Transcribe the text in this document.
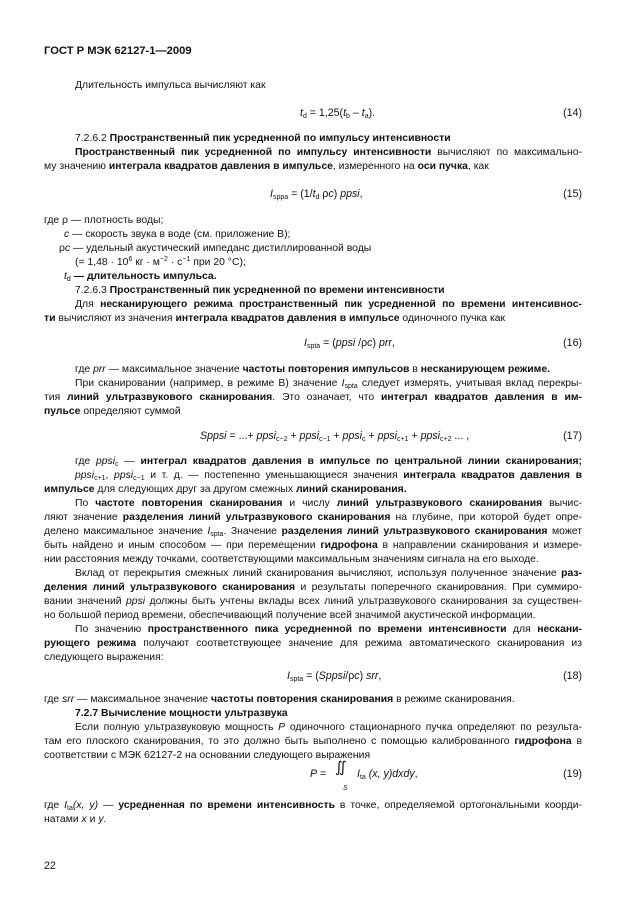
ГОСТ Р МЭК 62127-1—2009
Длительность импульса вычисляют как
$t_d = 1,25(t_b - t_a)$.	(14)
7.2.6.2 Пространственный пик усредненной по импульсу интенсивности
Пространственный пик усредненной по импульсу интенсивности вычисляют по максимально-
му значению интеграла квадратов давления в импульсе, измеренного на оси пучка, как
$I_{sppa} = (1/t_d$ ρc) ppsi,	(15)
где ρ — плотность воды;
c — скорость звука в воде (см. приложение В);
ρc — удельный акустический импеданс дистиллированной воды
(= $1,48 \cdot 10^6$ кг · $м^{-2} \cdot с^{-1}$ при 20 °С);
$t_d$ — длительность импульса.
7.2.6.3 Пространственный пик усредненной по времени интенсивности
Для несканирующего режима пространственный пик усредненной по времени интенсивнос-
ти вычисляют из значения интеграла квадратов давления в импульсе одиночного пучка как
$I_{spta}$ = (ppsi /ρc) prr,	(16)
где prr — максимальное значение частоты повторения импульсов в несканирующем режиме.
При сканировании (например, в режиме В) значение $I_{spta}$ следует измерять, учитывая вклад перекры-
тия линий ультразвукового сканирования. Это означает, что интеграл квадратов давления в им-
пульсе определяют суммой
Sppsi = ...+ ppsi$_{c-2}$ + ppsi$_{c-1}$ + ppsi$_c$ + ppsi$_{c+1}$ + ppsi$_{c+2}$ ... ,	(17)
где ppsi$_c$ — интеграл квадратов давления в импульсе по центральной линии сканирования;
ppsi$_{c+1}$, ppsi$_{c-1}$ и т. д. — постепенно уменьшающиеся значения интеграла квадратов давления в
импульсе для следующих друг за другом смежных линий сканирования.
По частоте повторения сканирования и числу линий ультразвукового сканирования вычис-
ляют значение разделения линий ультразвукового сканирования на глубине, при которой будет опре-
делено максимальное значение $I_{spta}$. Значение разделения линий ультразвукового сканирования может
быть найдено и иным способом — при перемещении гидрофона в направлении сканирования и измере-
нии расстояния между точками, соответствующими максимальным значениям сигнала на его выходе.
Вклад от перекрытия смежных линий сканирования вычисляют, используя полученное значение раз-
деления линий ультразвукового сканирования и результаты поперечного сканирования. При суммиро-
вании значений ppsi должны быть учтены вклады всех линий ультразвукового сканирования за существен-
но большой период времени, обеспечивающий получение всей значимой акустической информации.
По значению пространственного пика усредненной по времени интенсивности для нескани-
рующего режима получают соответствующее значение для режима автоматического сканирования из
следующего выражения:
$I_{spta}$ = (Sppsi/ρc) srr,	(18)
где srr — максимальное значение частоты повторения сканирования в режиме сканирования.
7.2.7 Вычисление мощности ультразвука
Если полную ультразвуковую мощность P одиночного стационарного пучка определяют по результа-
там его плоского сканирования, то это должно быть выполнено с помощью калиброванного гидрофона в
соответствии с МЭК 62127-2 на основании следующего выражения
P = ∬
S
$I_{ta}$ (x, y)dxdy,	(19)
где $I_{ta}(x$, y) — усредненная по времени интенсивность в точке, определяемой ортогональными коорди-
натами x и y.
22
